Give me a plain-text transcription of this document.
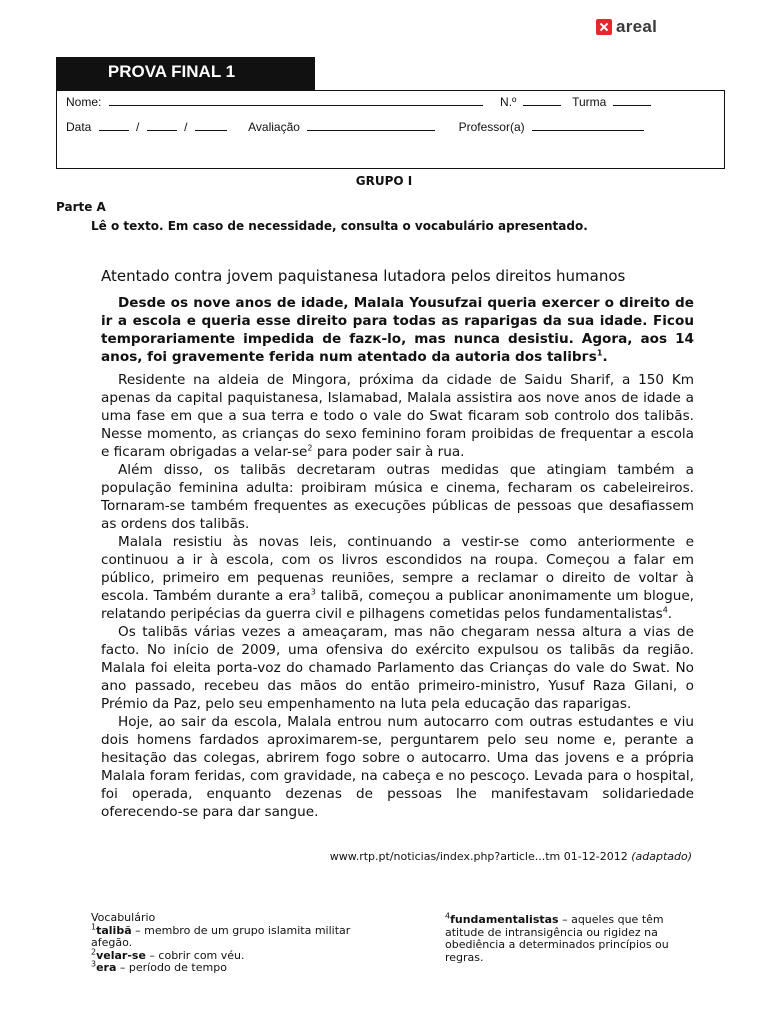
areal
PROVA FINAL 1
Nome:	N.º	Turma
Data	/	/	Avaliação	Professor(a)
GRUPO I
Parte A
Lê o texto. Em caso de necessidade, consulta o vocabulário apresentado.
Atentado contra jovem paquistanesa lutadora pelos direitos humanos

Desde os nove anos de idade, Malala Yousufzai queria exercer o direito de ir a escola e queria esse direito para todas as raparigas da sua idade. Ficou temporariamente impedida de fazк-lo, mas nunca desistiu. Agora, aos 14 anos, foi gravemente ferida num atentado da autoria dos talibгs$^1$.

Residente na aldeia de Mingora, próxima da cidade de Saidu Sharif, a 150 Km apenas da capital paquistanesa, Islamabad, Malala assistira aos nove anos de idade a uma fase em que a sua terra e todo o vale do Swat ficaram sob controlo dos talibãs. Nesse momento, as crianças do sexo feminino foram proibidas de frequentar a escola e ficaram obrigadas a velar-$se^2$ para poder sair à rua.

Além disso, os talibãs decretaram outras medidas que atingiam também a população feminina adulta: proibiram música e cinema, fecharam os cabeleireiros. Tornaram-se também frequentes as execuções públicas de pessoas que desafiassem as ordens dos talibãs.

Malala resistiu às novas leis, continuando a vestir-se como anteriormente e continuou a ir à escola, com os livros escondidos na roupa. Começou a falar em público, primeiro em pequenas reuniões, sempre a reclamar o direito de voltar à escola. Também durante a era$^3$ talibã, começou a publicar anonimamente um blogue, relatando peripécias da guerra civil e pilhagens cometidas pelos fundamentalistas$^4$.

Os talibãs várias vezes a ameaçaram, mas não chegaram nessa altura a vias de facto. No início de 2009, uma ofensiva do exército expulsou os talibãs da região. Malala foi eleita porta-voz do chamado Parlamento das Crianças do vale do Swat. No ano passado, recebeu das mãos do então primeiro-ministro, Yusuf Raza Gilani, o Prémio da Paz, pelo seu empenhamento na luta pela educação das raparigas.

Hoje, ao sair da escola, Malala entrou num autocarro com outras estudantes e viu dois homens fardados aproximarem-se, perguntarem pelo seu nome e, perante a hesitação das colegas, abrirem fogo sobre o autocarro. Uma das jovens e a própria Malala foram feridas, com gravidade, na cabeça e no pescoço. Levada para o hospital, foi operada, enquanto dezenas de pessoas lhe manifestavam solidariedade oferecendo-se para dar sangue.

www.rtp.pt/noticias/index.php?article...tm 01-12-2012 (adaptado)
Vocabulário
$^1$talibã – membro de um grupo islamita militar afegão.
$^2$velar-se – cobrir com véu.
$^3$era – período de tempo
$^4$fundamentalistas – aqueles que têm atitude de intransigência ou rigidez na obediência a determinados princípios ou regras.
